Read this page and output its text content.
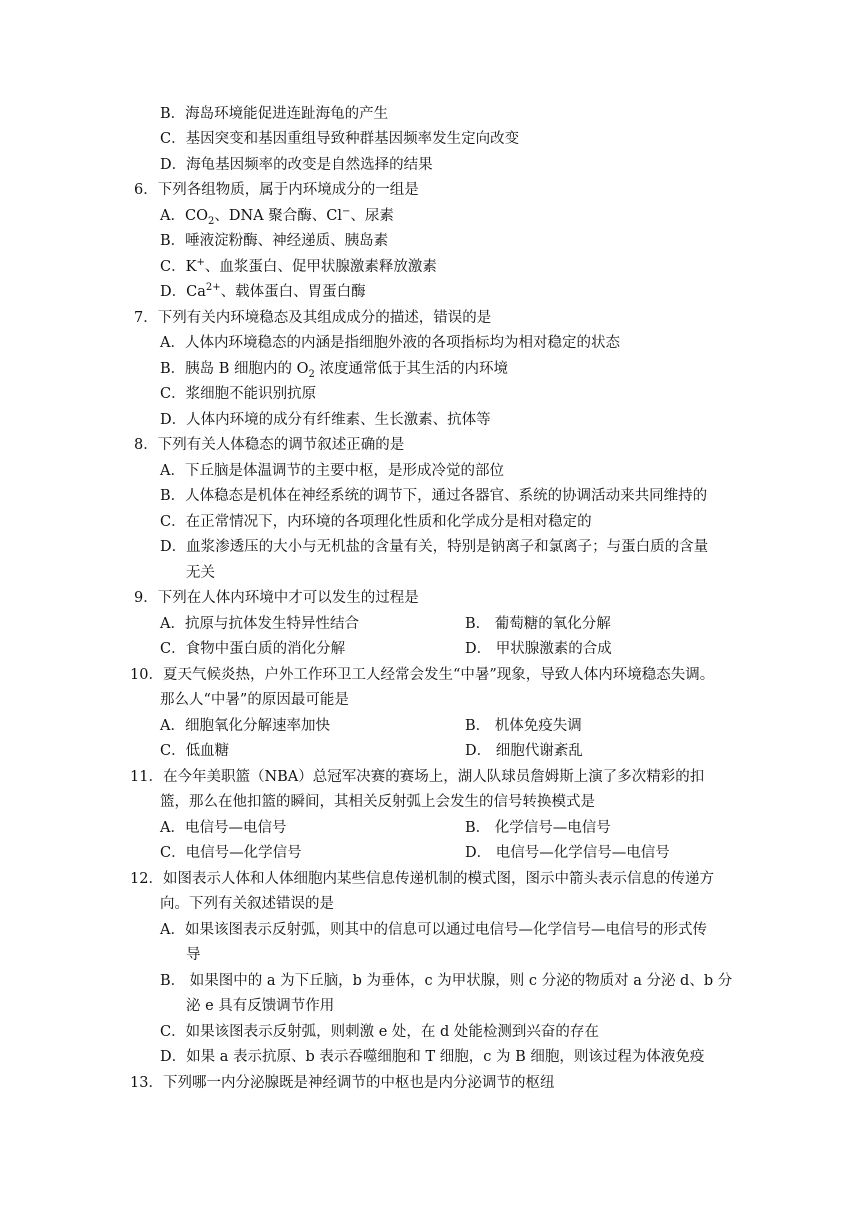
B．海岛环境能促进连趾海龟的产生
C．基因突变和基因重组导致种群基因频率发生定向改变
D．海龟基因频率的改变是自然选择的结果
6．下列各组物质，属于内环境成分的一组是
A．$CO_2$、DNA 聚合酶、Cl−、尿素
B．唾液淀粉酶、神经递质、胰岛素
C．K+、血浆蛋白、促甲状腺激素释放激素
D．$Ca^{2+}$、载体蛋白、胃蛋白酶
7．下列有关内环境稳态及其组成成分的描述，错误的是
A．人体内环境稳态的内涵是指细胞外液的各项指标均为相对稳定的状态
B．胰岛 B 细胞内的 $O_2$ 浓度通常低于其生活的内环境
C．浆细胞不能识别抗原
D．人体内环境的成分有纤维素、生长激素、抗体等
8．下列有关人体稳态的调节叙述正确的是
A．下丘脑是体温调节的主要中枢，是形成冷觉的部位
B．人体稳态是机体在神经系统的调节下，通过各器官、系统的协调活动来共同维持的
C．在正常情况下，内环境的各项理化性质和化学成分是相对稳定的
D．血浆渗透压的大小与无机盐的含量有关，特别是钠离子和氯离子；与蛋白质的含量
无关
9．下列在人体内环境中才可以发生的过程是
A．抗原与抗体发生特异性结合	B． 葡萄糖的氧化分解
C．食物中蛋白质的消化分解	D． 甲状腺激素的合成
10．夏天气候炎热，户外工作环卫工人经常会发生“中暑”现象，导致人体内环境稳态失调。
那么人“中暑”的原因最可能是
A．细胞氧化分解速率加快	B． 机体免疫失调
C．低血糖	D． 细胞代谢紊乱
11．在今年美职篮（NBA）总冠军决赛的赛场上，湖人队球员詹姆斯上演了多次精彩的扣
篮，那么在他扣篮的瞬间，其相关反射弧上会发生的信号转换模式是
A．电信号—电信号	B． 化学信号—电信号
C．电信号—化学信号	D． 电信号—化学信号—电信号
12．如图表示人体和人体细胞内某些信息传递机制的模式图，图示中箭头表示信息的传递方
向。下列有关叙述错误的是
A．如果该图表示反射弧，则其中的信息可以通过电信号—化学信号—电信号的形式传
导
B． 如果图中的 a 为下丘脑，b 为垂体，c 为甲状腺，则 c 分泌的物质对 a 分泌 d、b 分
泌 e 具有反馈调节作用
C．如果该图表示反射弧，则刺激 e 处，在 d 处能检测到兴奋的存在
D．如果 a 表示抗原、b 表示吞噬细胞和 T 细胞，c 为 B 细胞，则该过程为体液免疫
13．下列哪一内分泌腺既是神经调节的中枢也是内分泌调节的枢纽
